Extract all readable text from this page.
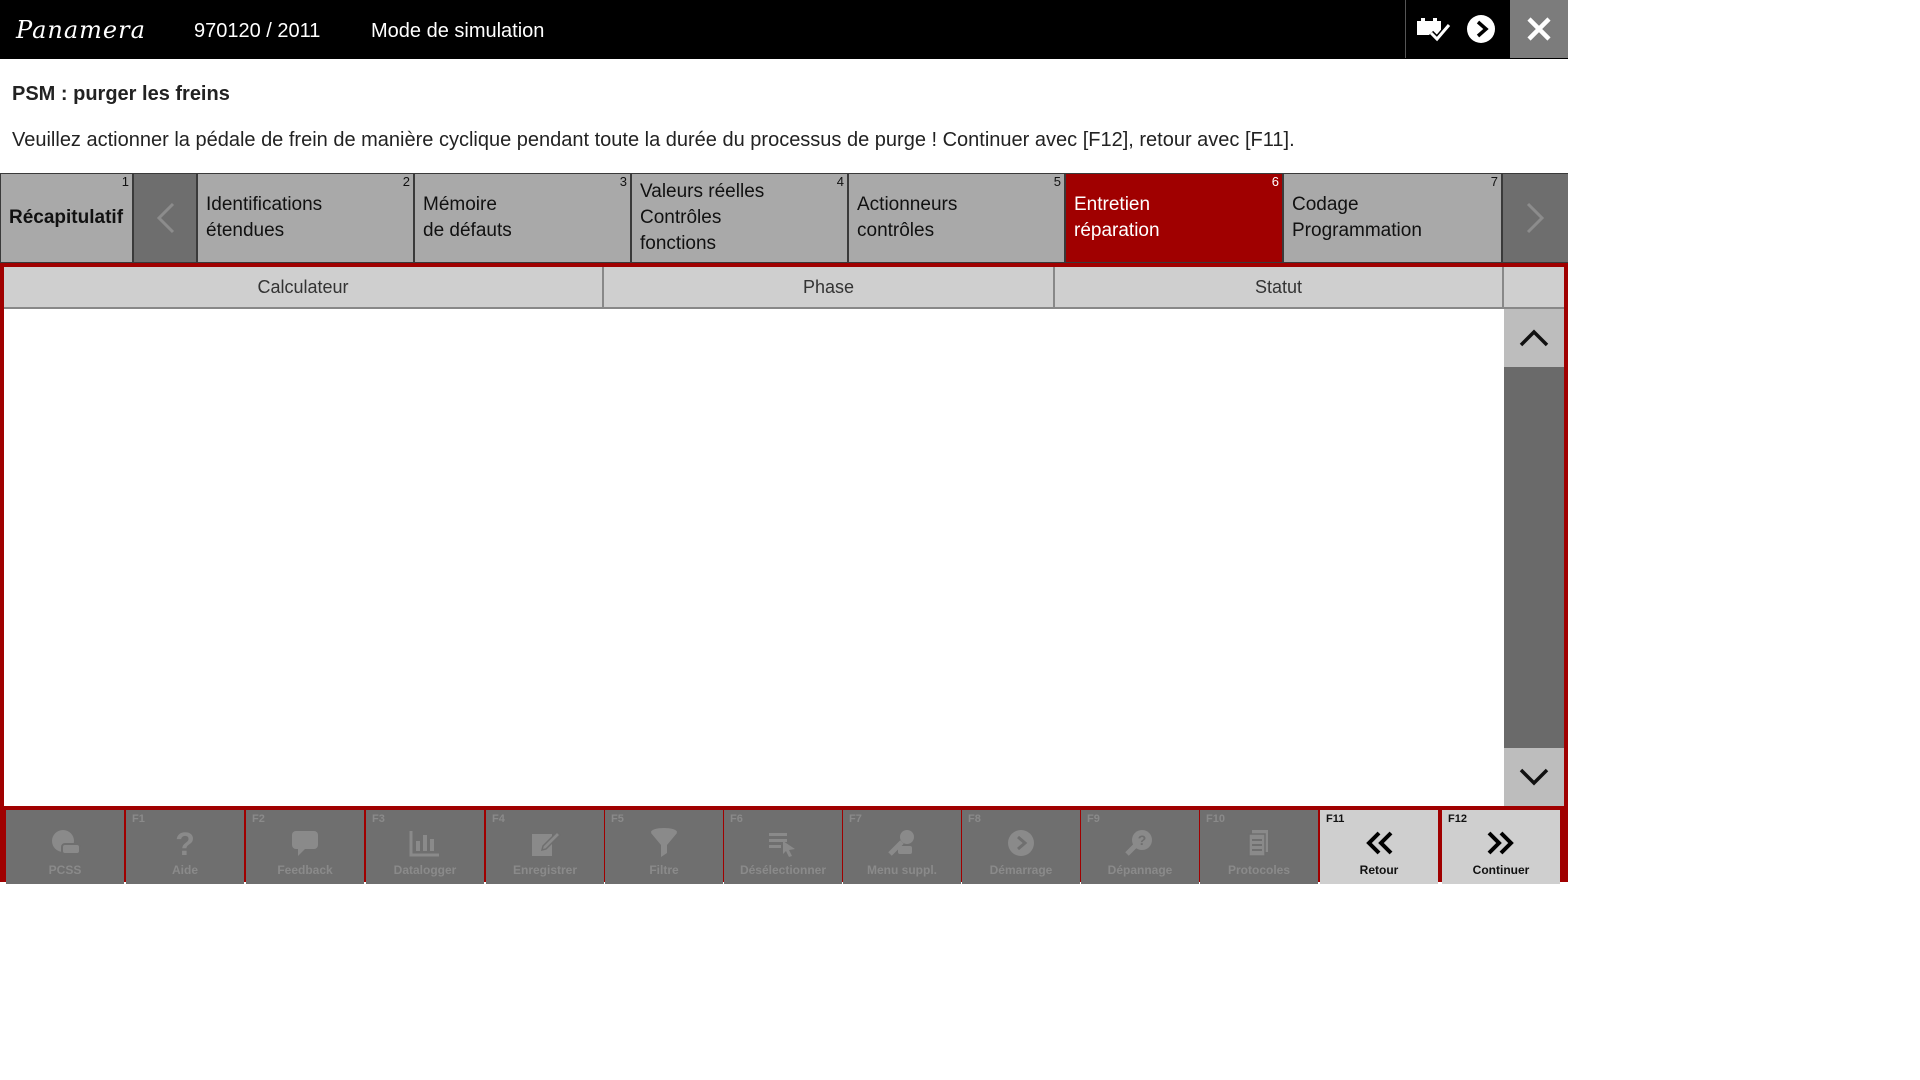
Panamera 970120 / 2011	Mode de simulation
PSM : purger les freins
Veuillez actionner la pédale de frein de manière cyclique pendant toute la durée du processus de purge ! Continuer avec [F12], retour avec [F11].
1
Récapitulatif
2
Identifications
étendues
3
Mémoire
de défauts
4
Valeurs réelles
Contrôles
fonctions
5
Actionneurs
contrôles
6
Entretien
réparation
7
Codage
Programmation
Calculateur	Phase	Statut
PCSS
F1
?
Aide
F2
Feedback
F3
Datalogger
F4
Enregistrer
F5
Filtre
F6
Désélectionner
F7
Menu suppl.
F8
Démarrage
F9
?
Dépannage
F10
Protocoles
F11
Retour
F12
Continuer
